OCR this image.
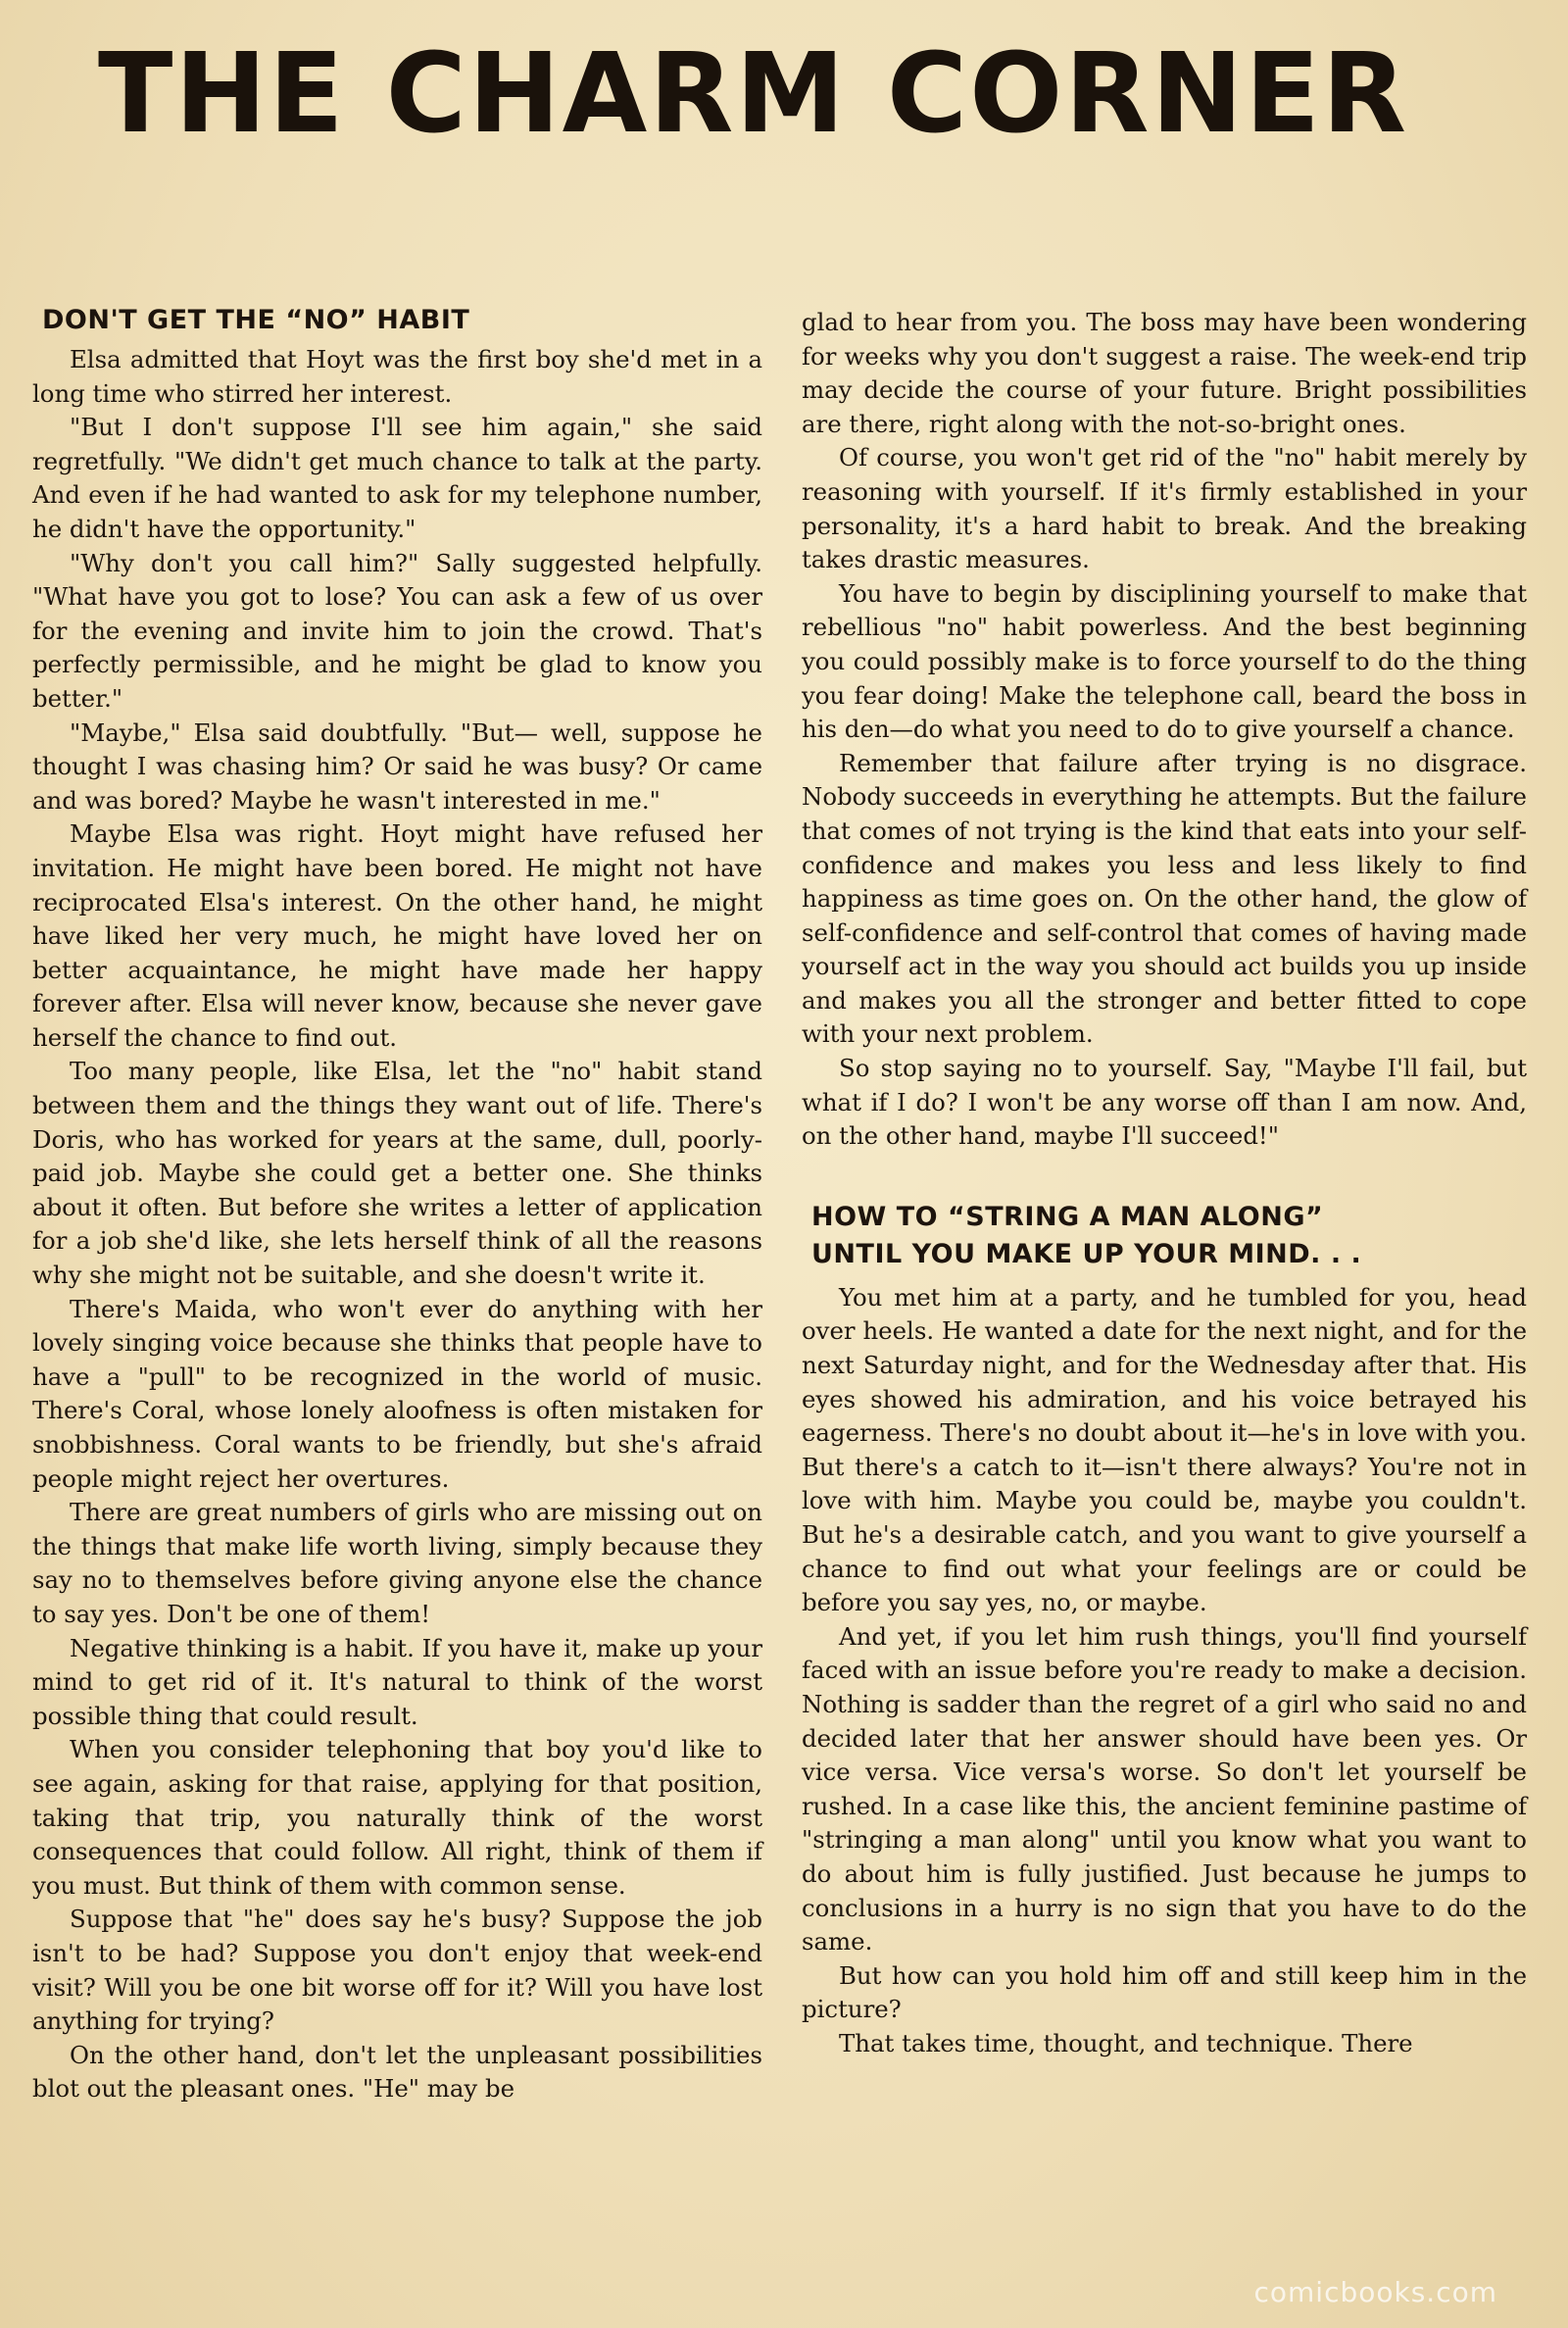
THE CHARM CORNER
DON'T GET THE “NO” HABIT

Elsa admitted that Hoyt was the first boy she'd met in a long time who stirred her interest.

"But I don't suppose I'll see him again," she said regretfully. "We didn't get much chance to talk at the party. And even if he had wanted to ask for my telephone number, he didn't have the opportunity."

"Why don't you call him?" Sally suggested helpfully. "What have you got to lose? You can ask a few of us over for the evening and invite him to join the crowd. That's perfectly permissible, and he might be glad to know you better."

"Maybe," Elsa said doubtfully. "But— well, suppose he thought I was chasing him? Or said he was busy? Or came and was bored? Maybe he wasn't interested in me."

Maybe Elsa was right. Hoyt might have refused her invitation. He might have been bored. He might not have reciprocated Elsa's interest. On the other hand, he might have liked her very much, he might have loved her on better acquaintance, he might have made her happy forever after. Elsa will never know, because she never gave herself the chance to find out.

Too many people, like Elsa, let the "no" habit stand between them and the things they want out of life. There's Doris, who has worked for years at the same, dull, poorly-paid job. Maybe she could get a better one. She thinks about it often. But before she writes a letter of application for a job she'd like, she lets herself think of all the reasons why she might not be suitable, and she doesn't write it.

There's Maida, who won't ever do anything with her lovely singing voice because she thinks that people have to have a "pull" to be recognized in the world of music. There's Coral, whose lonely aloofness is often mistaken for snobbishness. Coral wants to be friendly, but she's afraid people might reject her overtures.

There are great numbers of girls who are missing out on the things that make life worth living, simply because they say no to themselves before giving anyone else the chance to say yes. Don't be one of them!

Negative thinking is a habit. If you have it, make up your mind to get rid of it. It's natural to think of the worst possible thing that could result.

When you consider telephoning that boy you'd like to see again, asking for that raise, applying for that position, taking that trip, you naturally think of the worst consequences that could follow. All right, think of them if you must. But think of them with common sense.

Suppose that "he" does say he's busy? Suppose the job isn't to be had? Suppose you don't enjoy that week-end visit? Will you be one bit worse off for it? Will you have lost anything for trying?

On the other hand, don't let the unpleasant possibilities blot out the pleasant ones. "He" may be

glad to hear from you. The boss may have been wondering for weeks why you don't suggest a raise. The week-end trip may decide the course of your future. Bright possibilities are there, right along with the not-so-bright ones.

Of course, you won't get rid of the "no" habit merely by reasoning with yourself. If it's firmly established in your personality, it's a hard habit to break. And the breaking takes drastic measures.

You have to begin by disciplining yourself to make that rebellious "no" habit powerless. And the best beginning you could possibly make is to force yourself to do the thing you fear doing! Make the telephone call, beard the boss in his den—do what you need to do to give yourself a chance.

Remember that failure after trying is no disgrace. Nobody succeeds in everything he attempts. But the failure that comes of not trying is the kind that eats into your self-confidence and makes you less and less likely to find happiness as time goes on. On the other hand, the glow of self-confidence and self-control that comes of having made yourself act in the way you should act builds you up inside and makes you all the stronger and better fitted to cope with your next problem.

So stop saying no to yourself. Say, "Maybe I'll fail, but what if I do? I won't be any worse off than I am now. And, on the other hand, maybe I'll succeed!"

HOW TO “STRING A MAN ALONG”
UNTIL YOU MAKE UP YOUR MIND. . .

You met him at a party, and he tumbled for you, head over heels. He wanted a date for the next night, and for the next Saturday night, and for the Wednesday after that. His eyes showed his admiration, and his voice betrayed his eagerness. There's no doubt about it—he's in love with you. But there's a catch to it—isn't there always? You're not in love with him. Maybe you could be, maybe you couldn't. But he's a desirable catch, and you want to give yourself a chance to find out what your feelings are or could be before you say yes, no, or maybe.

And yet, if you let him rush things, you'll find yourself faced with an issue before you're ready to make a decision. Nothing is sadder than the regret of a girl who said no and decided later that her answer should have been yes. Or vice versa. Vice versa's worse. So don't let yourself be rushed. In a case like this, the ancient feminine pastime of "stringing a man along" until you know what you want to do about him is fully justified. Just because he jumps to conclusions in a hurry is no sign that you have to do the same.

But how can you hold him off and still keep him in the picture?

That takes time, thought, and technique. There

comicbooks.com
